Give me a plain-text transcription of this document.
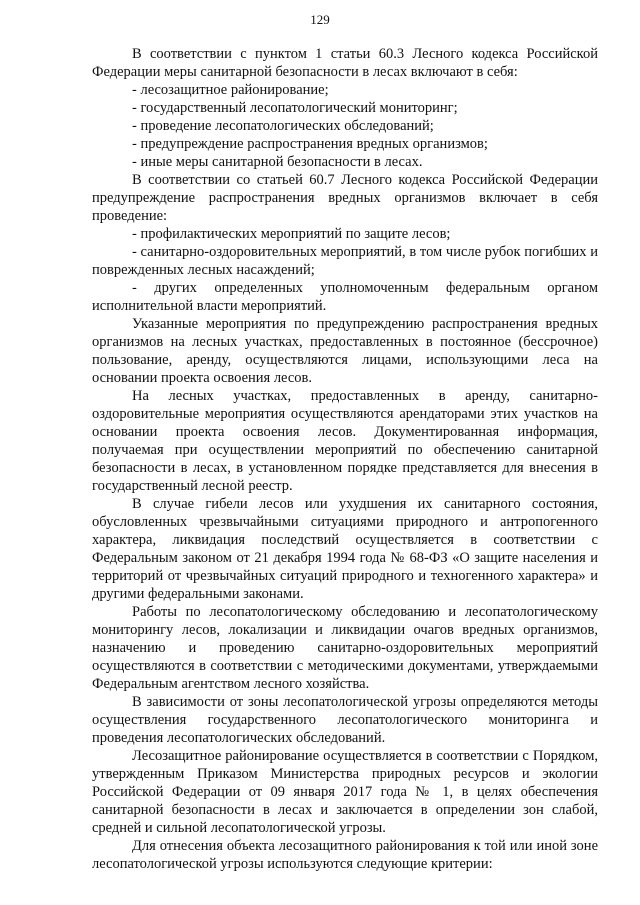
129

В соответствии с пунктом 1 статьи 60.3 Лесного кодекса Российской Федерации меры санитарной безопасности в лесах включают в себя:

- лесозащитное районирование;

- государственный лесопатологический мониторинг;

- проведение лесопатологических обследований;

- предупреждение распространения вредных организмов;

- иные меры санитарной безопасности в лесах.

В соответствии со статьей 60.7 Лесного кодекса Российской Федерации предупреждение распространения вредных организмов включает в себя проведение:

- профилактических мероприятий по защите лесов;

- санитарно-оздоровительных мероприятий, в том числе рубок погибших и поврежденных лесных насаждений;

- других определенных уполномоченным федеральным органом исполнительной власти мероприятий.

Указанные мероприятия по предупреждению распространения вредных организмов на лесных участках, предоставленных в постоянное (бессрочное) пользование, аренду, осуществляются лицами, использующими леса на основании проекта освоения лесов.

На лесных участках, предоставленных в аренду, санитарно-оздоровительные мероприятия осуществляются арендаторами этих участков на основании проекта освоения лесов. Документированная информация, получаемая при осуществлении мероприятий по обеспечению санитарной безопасности в лесах, в установленном порядке представляется для внесения в государственный лесной реестр.

В случае гибели лесов или ухудшения их санитарного состояния, обусловленных чрезвычайными ситуациями природного и антропогенного характера, ликвидация последствий осуществляется в соответствии с Федеральным законом от 21 декабря 1994 года № 68-ФЗ «О защите населения и территорий от чрезвычайных ситуаций природного и техногенного характера» и другими федеральными законами.

Работы по лесопатологическому обследованию и лесопатологическому мониторингу лесов, локализации и ликвидации очагов вредных организмов, назначению и проведению санитарно-оздоровительных мероприятий осуществляются в соответствии с методическими документами, утверждаемыми Федеральным агентством лесного хозяйства.

В зависимости от зоны лесопатологической угрозы определяются методы осуществления государственного лесопатологического мониторинга и проведения лесопатологических обследований.

Лесозащитное районирование осуществляется в соответствии с Порядком, утвержденным Приказом Министерства природных ресурсов и экологии Российской Федерации от 09 января 2017 года № 1, в целях обеспечения санитарной безопасности в лесах и заключается в определении зон слабой, средней и сильной лесопатологической угрозы.

Для отнесения объекта лесозащитного районирования к той или иной зоне лесопатологической угрозы используются следующие критерии:
